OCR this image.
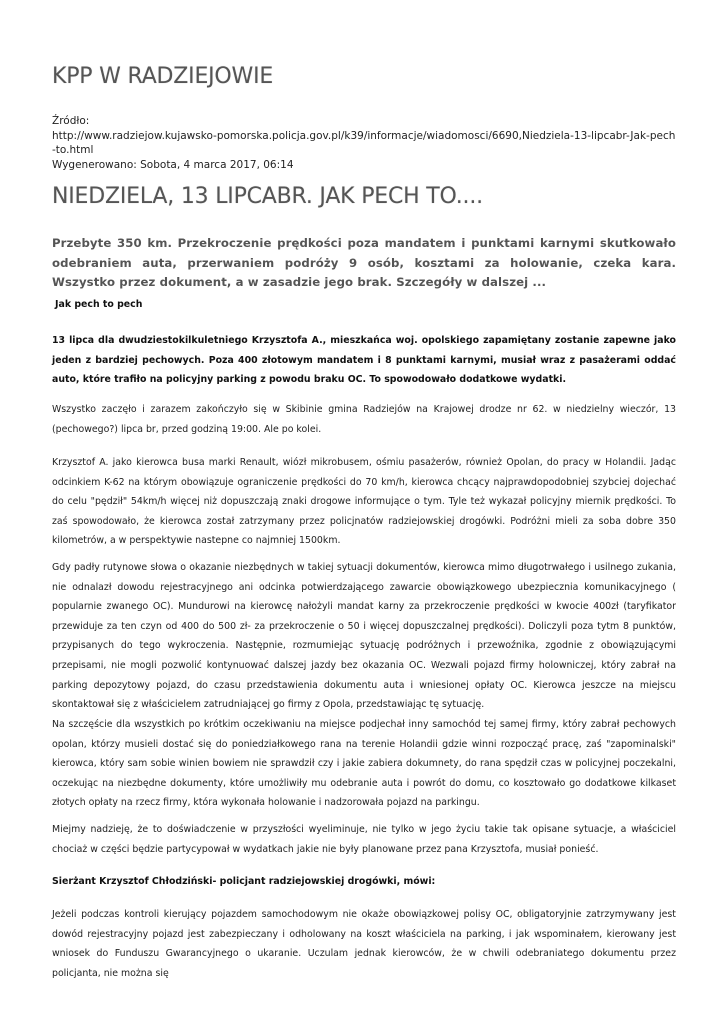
KPP W RADZIEJOWIE
Źródło:
http://www.radziejow.kujawsko-pomorska.policja.gov.pl/k39/informacje/wiadomosci/6690,Niedziela-13-lipcabr-Jak-pech-to.html
Wygenerowano: Sobota, 4 marca 2017, 06:14
NIEDZIELA, 13 LIPCABR. JAK PECH TO....
Przebyte 350 km. Przekroczenie prędkości poza mandatem i punktami karnymi skutkowało odebraniem auta, przerwaniem podróży 9 osób, kosztami za holowanie, czeka kara. Wszystko przez dokument, a w zasadzie jego brak. Szczegóły w dalszej ...
Jak pech to pech
13 lipca dla dwudziestokilkuletniego Krzysztofa A., mieszkańca woj. opolskiego zapamiętany zostanie zapewne jako jeden z bardziej pechowych. Poza 400 złotowym mandatem i 8 punktami karnymi, musiał wraz z pasażerami oddać auto, które trafiło na policyjny parking z powodu braku OC. To spowodowało dodatkowe wydatki.
Wszystko zaczęło i zarazem zakończyło się w Skibinie gmina Radziejów na Krajowej drodze nr 62. w niedzielny wieczór, 13 (pechowego?) lipca br, przed godziną 19:00. Ale po kolei.
Krzysztof A. jako kierowca busa marki Renault, wiózł mikrobusem, ośmiu pasażerów, również Opolan, do pracy w Holandii. Jadąc odcinkiem K-62 na którym obowiązuje ograniczenie prędkości do 70 km/h, kierowca chcący najprawdopodobniej szybciej dojechać do celu "pędził" 54km/h więcej niż dopuszczają znaki drogowe informujące o tym. Tyle też wykazał policyjny miernik prędkości. To zaś spowodowało, że kierowca został zatrzymany przez policjnatów radziejowskiej drogówki. Podróżni mieli za soba dobre 350 kilometrów, a w perspektywie nastepne co najmniej 1500km.
Gdy padły rutynowe słowa o okazanie niezbędnych w takiej sytuacji dokumentów, kierowca mimo długotrwałego i usilnego zukania, nie odnalazł dowodu rejestracyjnego ani odcinka potwierdzającego zawarcie obowiązkowego ubezpiecznia komunikacyjnego ( popularnie zwanego OC). Mundurowi na kierowcę nałożyli mandat karny za przekroczenie prędkości w kwocie 400zł (taryfikator przewiduje za ten czyn od 400 do 500 zł- za przekroczenie o 50 i więcej dopuszczalnej prędkości). Doliczyli poza tytm 8 punktów, przypisanych do tego wykroczenia. Następnie, rozmumiejąc sytuację podróżnych i przewoźnika, zgodnie z obowiązującymi przepisami, nie mogli pozwolić kontynuować dalszej jazdy bez okazania OC. Wezwali pojazd firmy holowniczej, który zabrał na parking depozytowy pojazd, do czasu przedstawienia dokumentu auta i wniesionej opłaty OC. Kierowca jeszcze na miejscu skontaktował się z właścicielem zatrudniającej go firmy z Opola, przedstawiając tę sytuację.
Na szczęście dla wszystkich po krótkim oczekiwaniu na miejsce podjechał inny samochód tej samej firmy, który zabrał pechowych opolan, którzy musieli dostać się do poniedziałkowego rana na terenie Holandii gdzie winni rozpocząć pracę, zaś "zapominalski" kierowca, który sam sobie winien bowiem nie sprawdził czy i jakie zabiera dokumnety, do rana spędził czas w policyjnej poczekalni, oczekując na niezbędne dokumenty, które umożliwiły mu odebranie auta i powrót do domu, co kosztowało go dodatkowe kilkaset złotych opłaty na rzecz firmy, która wykonała holowanie i nadzorowała pojazd na parkingu.
Miejmy nadzieję, że to doświadczenie w przyszłości wyeliminuje, nie tylko w jego życiu takie tak opisane sytuacje, a właściciel chociaż w części będzie partycypował w wydatkach jakie nie były planowane przez pana Krzysztofa, musiał ponieść.
Sierżant Krzysztof Chłodziński- policjant radziejowskiej drogówki, mówi:
Jeżeli podczas kontroli kierujący pojazdem samochodowym nie okaże obowiązkowej polisy OC, obligatoryjnie zatrzymywany jest dowód rejestracyjny pojazd jest zabezpieczany i odholowany na koszt właściciela na parking, i jak wspominałem, kierowany jest wniosek do Funduszu Gwarancyjnego o ukaranie. Uczulam jednak kierowców, że w chwili odebraniatego dokumentu przez policjanta, nie można się
